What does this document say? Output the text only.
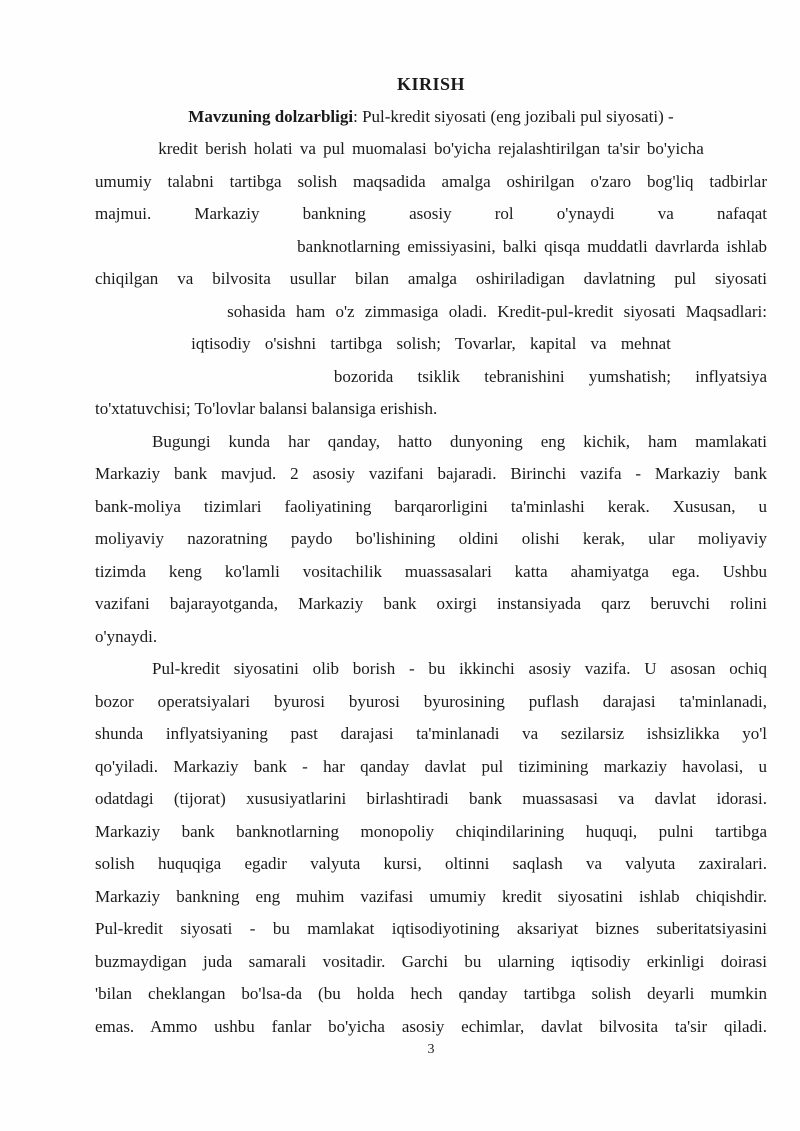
KIRISH
Mavzuning dolzarbligi: Pul-kredit siyosati (eng jozibali pul siyosati) -
kredit berish holati va pul muomalasi bo'yicha rejalashtirilgan ta'sir bo'yicha
umumiy talabni tartibga solish maqsadida amalga oshirilgan o'zaro bog'liq tadbirlar
majmui. Markaziy bankning asosiy rol o'ynaydi va nafaqat
banknotlarning emissiyasini, balki qisqa muddatli davrlarda ishlab
chiqilgan va bilvosita usullar bilan amalga oshiriladigan davlatning pul siyosati
sohasida ham o'z zimmasiga oladi. Kredit-pul-kredit siyosati Maqsadlari:
iqtisodiy o'sishni tartibga solish; Tovarlar, kapital va mehnat
bozorida tsiklik tebranishini yumshatish; inflyatsiya
to'xtatuvchisi; To'lovlar balansi balansiga erishish.
Bugungi kunda har qanday, hatto dunyoning eng kichik, ham mamlakati
Markaziy bank mavjud. 2 asosiy vazifani bajaradi. Birinchi vazifa - Markaziy bank
bank-moliya tizimlari faoliyatining barqarorligini ta'minlashi kerak. Xususan, u
moliyaviy nazoratning paydo bo'lishining oldini olishi kerak, ular moliyaviy
tizimda keng ko'lamli vositachilik muassasalari katta ahamiyatga ega. Ushbu
vazifani bajarayotganda, Markaziy bank oxirgi instansiyada qarz beruvchi rolini
o'ynaydi.
Pul-kredit siyosatini olib borish - bu ikkinchi asosiy vazifa. U asosan ochiq
bozor operatsiyalari byurosi byurosi byurosining puflash darajasi ta'minlanadi,
shunda inflyatsiyaning past darajasi ta'minlanadi va sezilarsiz ishsizlikka yo'l
qo'yiladi. Markaziy bank - har qanday davlat pul tizimining markaziy havolasi, u
odatdagi (tijorat) xususiyatlarini birlashtiradi bank muassasasi va davlat idorasi.
Markaziy bank banknotlarning monopoliy chiqindilarining huquqi, pulni tartibga
solish huquqiga egadir valyuta kursi, oltinni saqlash va valyuta zaxiralari.
Markaziy bankning eng muhim vazifasi umumiy kredit siyosatini ishlab chiqishdir.
Pul-kredit siyosati - bu mamlakat iqtisodiyotining aksariyat biznes suberitatsiyasini
buzmaydigan juda samarali vositadir. Garchi bu ularning iqtisodiy erkinligi doirasi
'bilan cheklangan bo'lsa-da (bu holda hech qanday tartibga solish deyarli mumkin
emas. Ammo ushbu fanlar bo'yicha asosiy echimlar, davlat bilvosita ta'sir qiladi.
3
